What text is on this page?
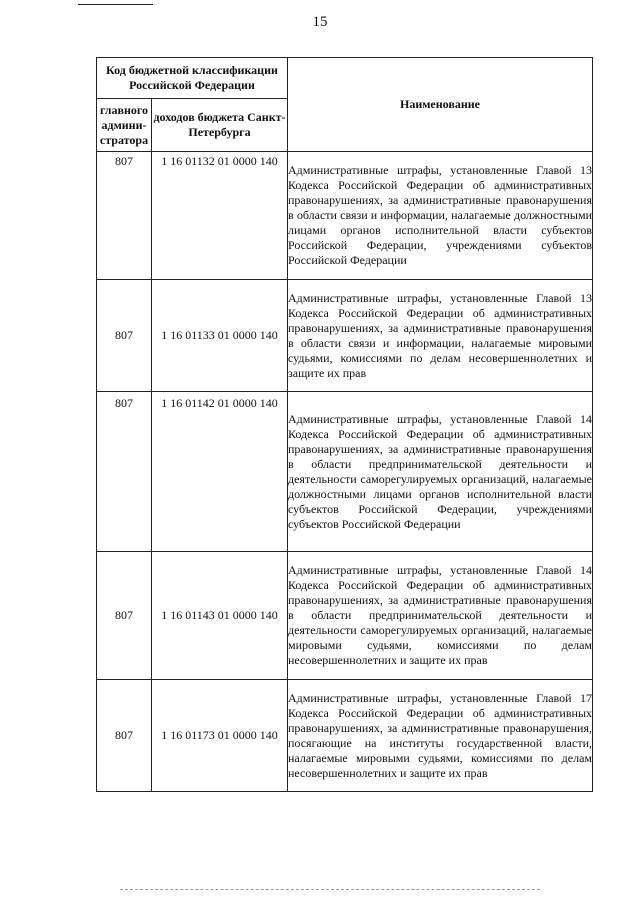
15
Код бюджетной классификации Российской Федерации		Наименование
главного админи-стратора	доходов бюджета Санкт-Петербурга	
807	1 16 01132 01 0000 140	Административные штрафы, установленные Главой 13 Кодекса Российской Федерации об административных правонарушениях, за административные правонарушения в области связи и информации, налагаемые должностными лицами органов исполнительной власти субъектов Российской Федерации, учреждениями субъектов Российской Федерации
807	1 16 01133 01 0000 140	Административные штрафы, установленные Главой 13 Кодекса Российской Федерации об административных правонарушениях, за административные правонарушения в области связи и информации, налагаемые мировыми судьями, комиссиями по делам несовершеннолетних и защите их прав
807	1 16 01142 01 0000 140	Административные штрафы, установленные Главой 14 Кодекса Российской Федерации об административных правонарушениях, за административные правонарушения в области предпринимательской деятельности и деятельности саморегулируемых организаций, налагаемые должностными лицами органов исполнительной власти субъектов Российской Федерации, учреждениями субъектов Российской Федерации
807	1 16 01143 01 0000 140	Административные штрафы, установленные Главой 14 Кодекса Российской Федерации об административных правонарушениях, за административные правонарушения в области предпринимательской деятельности и деятельности саморегулируемых организаций, налагаемые мировыми судьями, комиссиями по делам несовершеннолетних и защите их прав
807	1 16 01173 01 0000 140	Административные штрафы, установленные Главой 17 Кодекса Российской Федерации об административных правонарушениях, за административные правонарушения, посягающие на институты государственной власти, налагаемые мировыми судьями, комиссиями по делам несовершеннолетних и защите их прав
